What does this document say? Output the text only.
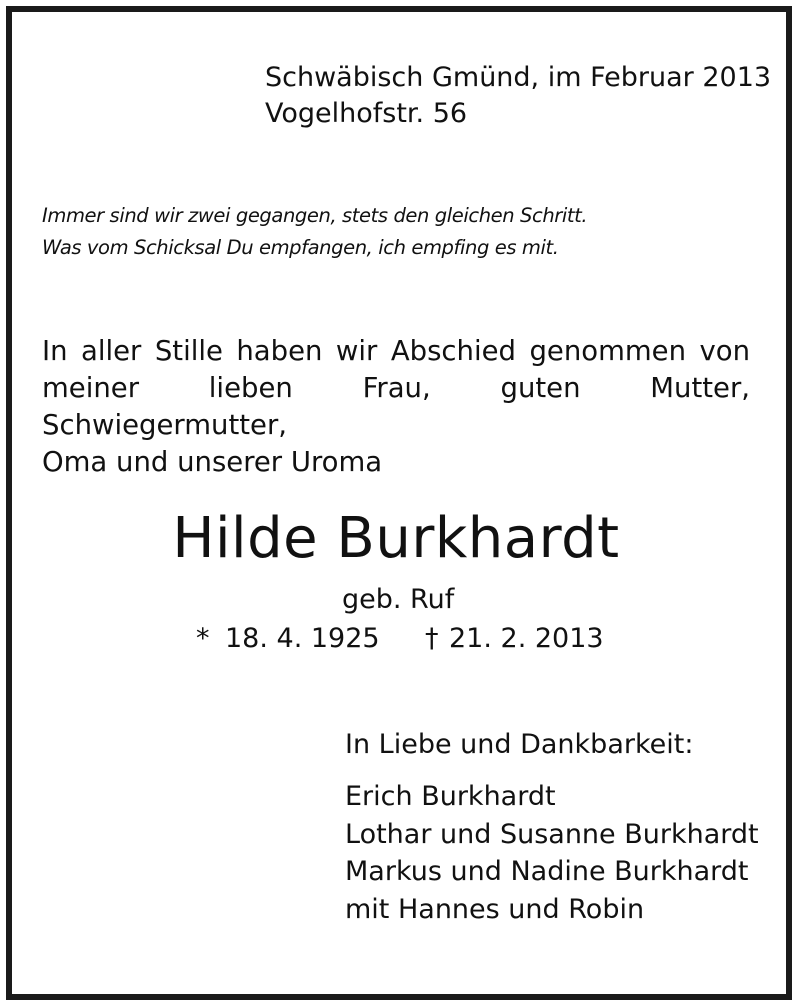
Schwäbisch Gmünd, im Februar 2013
Vogelhofstr. 56
Immer sind wir zwei gegangen, stets den gleichen Schritt.
Was vom Schicksal Du empfangen, ich empfing es mit.
In aller Stille haben wir Abschied genommen von
meiner lieben Frau, guten Mutter, Schwiegermutter,
Oma und unserer Uroma
Hilde Burkhardt
geb. Ruf
* 18. 4. 1925 † 21. 2. 2013
In Liebe und Dankbarkeit:
Erich Burkhardt
Lothar und Susanne Burkhardt
Markus und Nadine Burkhardt
mit Hannes und Robin
